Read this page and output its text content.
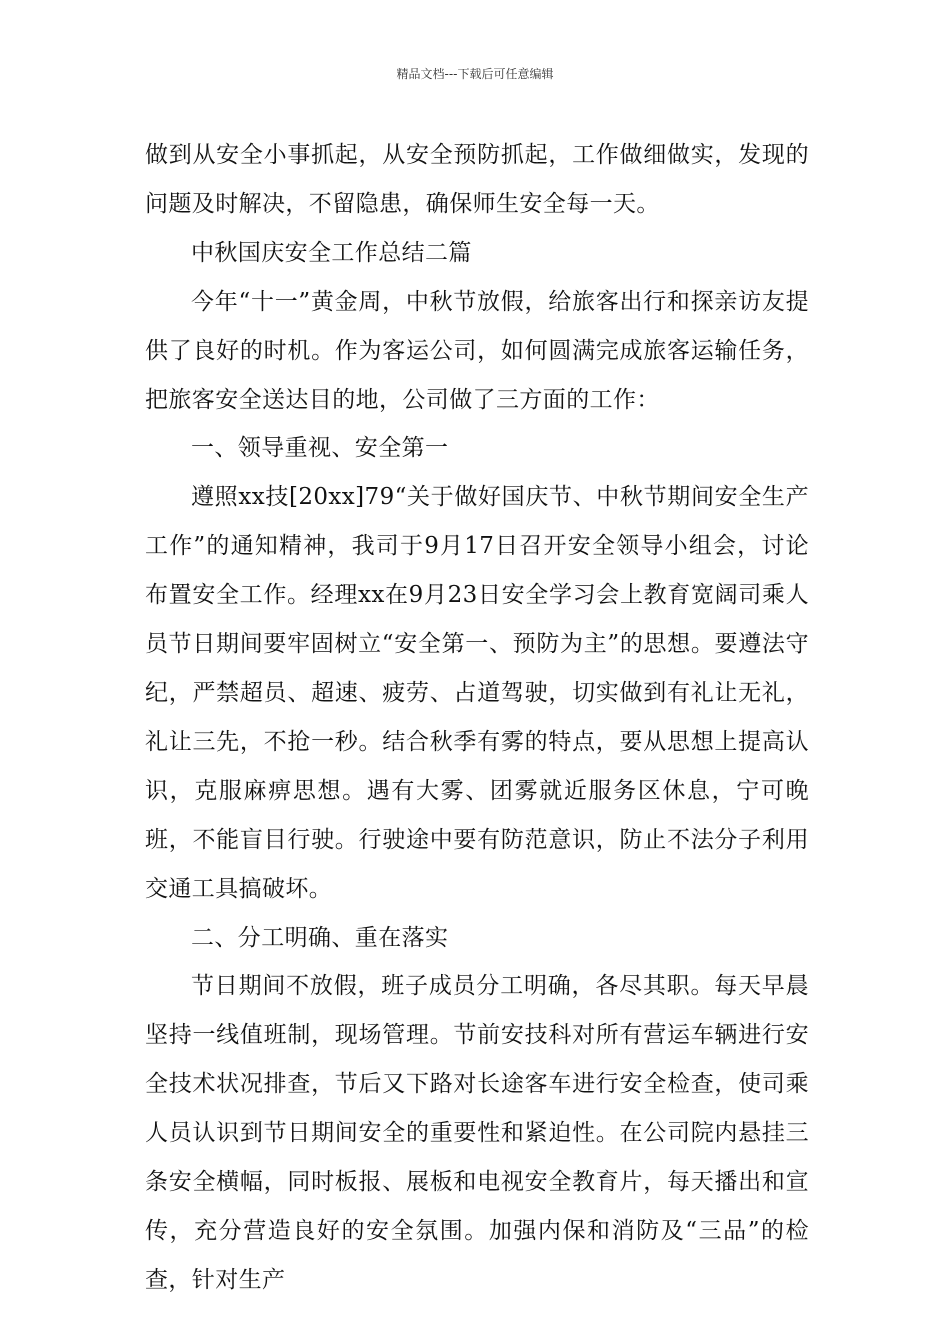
精品文档---下载后可任意编辑

做到从安全小事抓起，从安全预防抓起，工作做细做实，发现的问题及时解决，不留隐患，确保师生安全每一天。

中秋国庆安全工作总结二篇

今年“十一”黄金周，中秋节放假，给旅客出行和探亲访友提供了良好的时机。作为客运公司，如何圆满完成旅客运输任务，把旅客安全送达目的地，公司做了三方面的工作：

一、领导重视、安全第一

遵照xx技[20xx]79“关于做好国庆节、中秋节期间安全生产工作”的通知精神，我司于9月17日召开安全领导小组会，讨论布置安全工作。经理xx在9月23日安全学习会上教育宽阔司乘人员节日期间要牢固树立“安全第一、预防为主”的思想。要遵法守纪，严禁超员、超速、疲劳、占道驾驶，切实做到有礼让无礼，礼让三先，不抢一秒。结合秋季有雾的特点，要从思想上提高认识，克服麻痹思想。遇有大雾、团雾就近服务区休息，宁可晚班，不能盲目行驶。行驶途中要有防范意识，防止不法分子利用交通工具搞破坏。

二、分工明确、重在落实

节日期间不放假，班子成员分工明确，各尽其职。每天早晨坚持一线值班制，现场管理。节前安技科对所有营运车辆进行安全技术状况排查，节后又下路对长途客车进行安全检查，使司乘人员认识到节日期间安全的重要性和紧迫性。在公司院内悬挂三条安全横幅，同时板报、展板和电视安全教育片，每天播出和宣传，充分营造良好的安全氛围。加强内保和消防及“三品”的检查，针对生产
